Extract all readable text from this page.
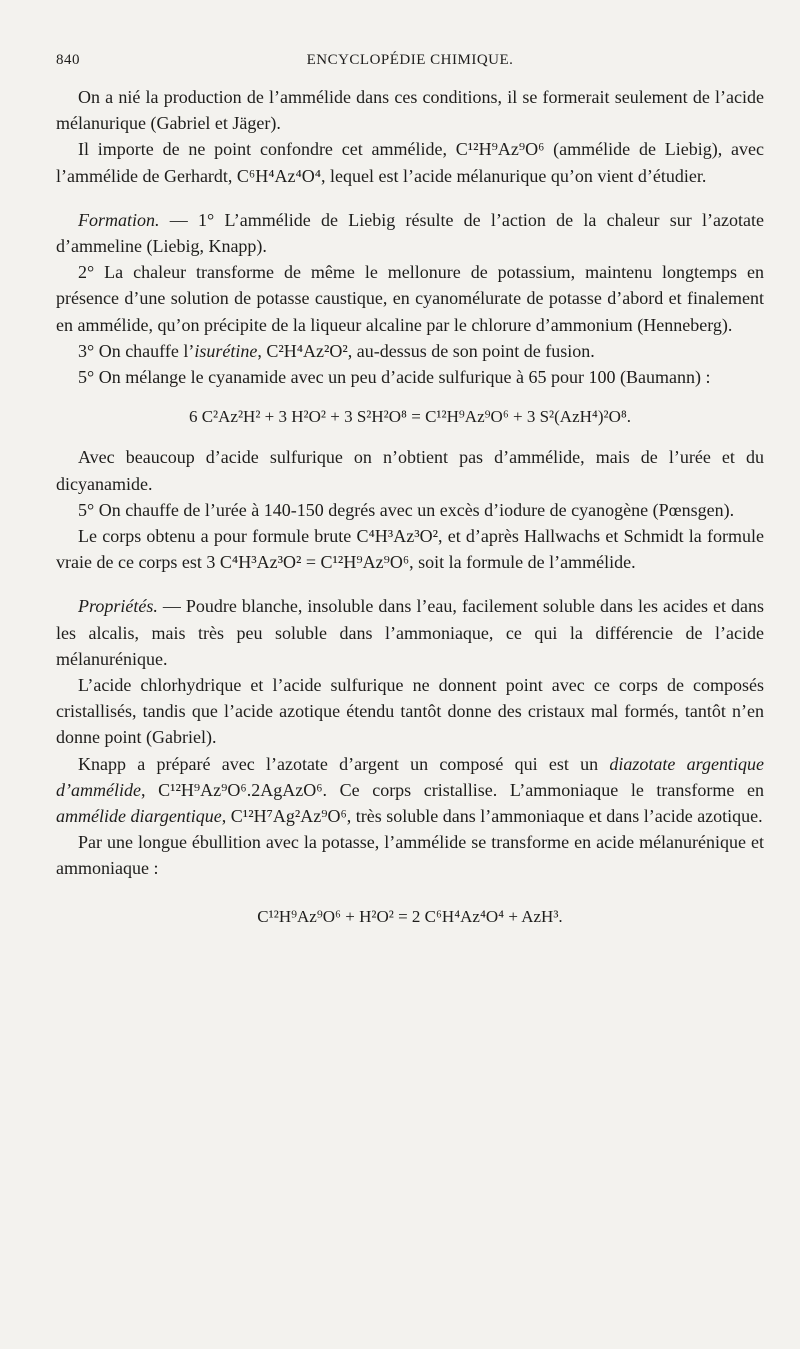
840	ENCYCLOPÉDIE CHIMIQUE.

On a nié la production de l’ammélide dans ces conditions, il se formerait seulement de l’acide mélanurique (Gabriel et Jäger).

Il importe de ne point confondre cet ammélide, C¹²H⁹Az⁹O⁶ (ammélide de Liebig), avec l’ammélide de Gerhardt, C⁶H⁴Az⁴O⁴, lequel est l’acide mélanurique qu’on vient d’étudier.

Formation. — 1° L’ammélide de Liebig résulte de l’action de la chaleur sur l’azotate d’ammeline (Liebig, Knapp).

2° La chaleur transforme de même le mellonure de potassium, maintenu longtemps en présence d’une solution de potasse caustique, en cyanomélurate de potasse d’abord et finalement en ammélide, qu’on précipite de la liqueur alcaline par le chlorure d’ammonium (Henneberg).

3° On chauffe l’isurétine, C²H⁴Az²O², au-dessus de son point de fusion.

5° On mélange le cyanamide avec un peu d’acide sulfurique à 65 pour 100 (Baumann) :

6 C²Az²H² + 3 H²O² + 3 S²H²O⁸ = C¹²H⁹Az⁹O⁶ + 3 S²(AzH⁴)²O⁸.

Avec beaucoup d’acide sulfurique on n’obtient pas d’ammélide, mais de l’urée et du dicyanamide.

5° On chauffe de l’urée à 140-150 degrés avec un excès d’iodure de cyanogène (Pœnsgen).

Le corps obtenu a pour formule brute C⁴H³Az³O², et d’après Hallwachs et Schmidt la formule vraie de ce corps est 3 C⁴H³Az³O² = C¹²H⁹Az⁹O⁶, soit la formule de l’ammélide.

Propriétés. — Poudre blanche, insoluble dans l’eau, facilement soluble dans les acides et dans les alcalis, mais très peu soluble dans l’ammoniaque, ce qui la différencie de l’acide mélanurénique.

L’acide chlorhydrique et l’acide sulfurique ne donnent point avec ce corps de composés cristallisés, tandis que l’acide azotique étendu tantôt donne des cristaux mal formés, tantôt n’en donne point (Gabriel).

Knapp a préparé avec l’azotate d’argent un composé qui est un diazotate argentique d’ammélide, C¹²H⁹Az⁹O⁶.2AgAzO⁶. Ce corps cristallise. L’ammoniaque le transforme en ammélide diargentique, C¹²H⁷Ag²Az⁹O⁶, très soluble dans l’ammoniaque et dans l’acide azotique.

Par une longue ébullition avec la potasse, l’ammélide se transforme en acide mélanurénique et ammoniaque :

C¹²H⁹Az⁹O⁶ + H²O² = 2 C⁶H⁴Az⁴O⁴ + AzH³.
